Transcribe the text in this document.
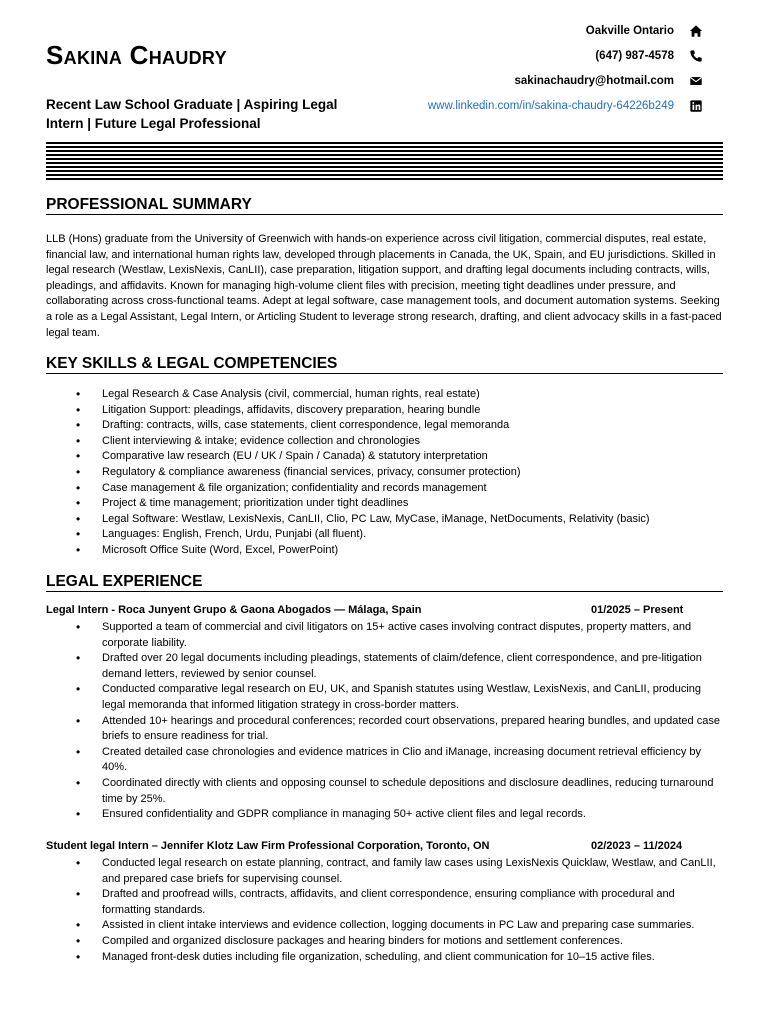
Sakina Chaudry
Recent Law School Graduate | Aspiring Legal Intern | Future Legal Professional
Oakville Ontario
(647) 987-4578
sakinachaudry@hotmail.com
www.linkedin.com/in/sakina-chaudry-64226b249
PROFESSIONAL SUMMARY
LLB (Hons) graduate from the University of Greenwich with hands-on experience across civil litigation, commercial disputes, real estate, financial law, and international human rights law, developed through placements in Canada, the UK, Spain, and EU jurisdictions. Skilled in legal research (Westlaw, LexisNexis, CanLII), case preparation, litigation support, and drafting legal documents including contracts, wills, pleadings, and affidavits. Known for managing high-volume client files with precision, meeting tight deadlines under pressure, and collaborating across cross-functional teams. Adept at legal software, case management tools, and document automation systems. Seeking a role as a Legal Assistant, Legal Intern, or Articling Student to leverage strong research, drafting, and client advocacy skills in a fast-paced legal team.
KEY SKILLS & LEGAL COMPETENCIES
• Legal Research & Case Analysis (civil, commercial, human rights, real estate)
• Litigation Support: pleadings, affidavits, discovery preparation, hearing bundle
• Drafting: contracts, wills, case statements, client correspondence, legal memoranda
• Client interviewing & intake; evidence collection and chronologies
• Comparative law research (EU / UK / Spain / Canada) & statutory interpretation
• Regulatory & compliance awareness (financial services, privacy, consumer protection)
• Case management & file organization; confidentiality and records management
• Project & time management; prioritization under tight deadlines
• Legal Software: Westlaw, LexisNexis, CanLII, Clio, PC Law, MyCase, iManage, NetDocuments, Relativity (basic)
• Languages: English, French, Urdu, Punjabi (all fluent).
• Microsoft Office Suite (Word, Excel, PowerPoint)
LEGAL EXPERIENCE
Legal Intern - Roca Junyent Grupo & Gaona Abogados — Málaga, Spain	01/2025 – Present
• Supported a team of commercial and civil litigators on 15+ active cases involving contract disputes, property matters, and corporate liability.
• Drafted over 20 legal documents including pleadings, statements of claim/defence, client correspondence, and pre-litigation demand letters, reviewed by senior counsel.
• Conducted comparative legal research on EU, UK, and Spanish statutes using Westlaw, LexisNexis, and CanLII, producing legal memoranda that informed litigation strategy in cross-border matters.
• Attended 10+ hearings and procedural conferences; recorded court observations, prepared hearing bundles, and updated case briefs to ensure readiness for trial.
• Created detailed case chronologies and evidence matrices in Clio and iManage, increasing document retrieval efficiency by 40%.
• Coordinated directly with clients and opposing counsel to schedule depositions and disclosure deadlines, reducing turnaround time by 25%.
• Ensured confidentiality and GDPR compliance in managing 50+ active client files and legal records.
Student legal Intern – Jennifer Klotz Law Firm Professional Corporation, Toronto, ON	02/2023 – 11/2024
• Conducted legal research on estate planning, contract, and family law cases using LexisNexis Quicklaw, Westlaw, and CanLII, and prepared case briefs for supervising counsel.
• Drafted and proofread wills, contracts, affidavits, and client correspondence, ensuring compliance with procedural and formatting standards.
• Assisted in client intake interviews and evidence collection, logging documents in PC Law and preparing case summaries.
• Compiled and organized disclosure packages and hearing binders for motions and settlement conferences.
• Managed front-desk duties including file organization, scheduling, and client communication for 10–15 active files.
